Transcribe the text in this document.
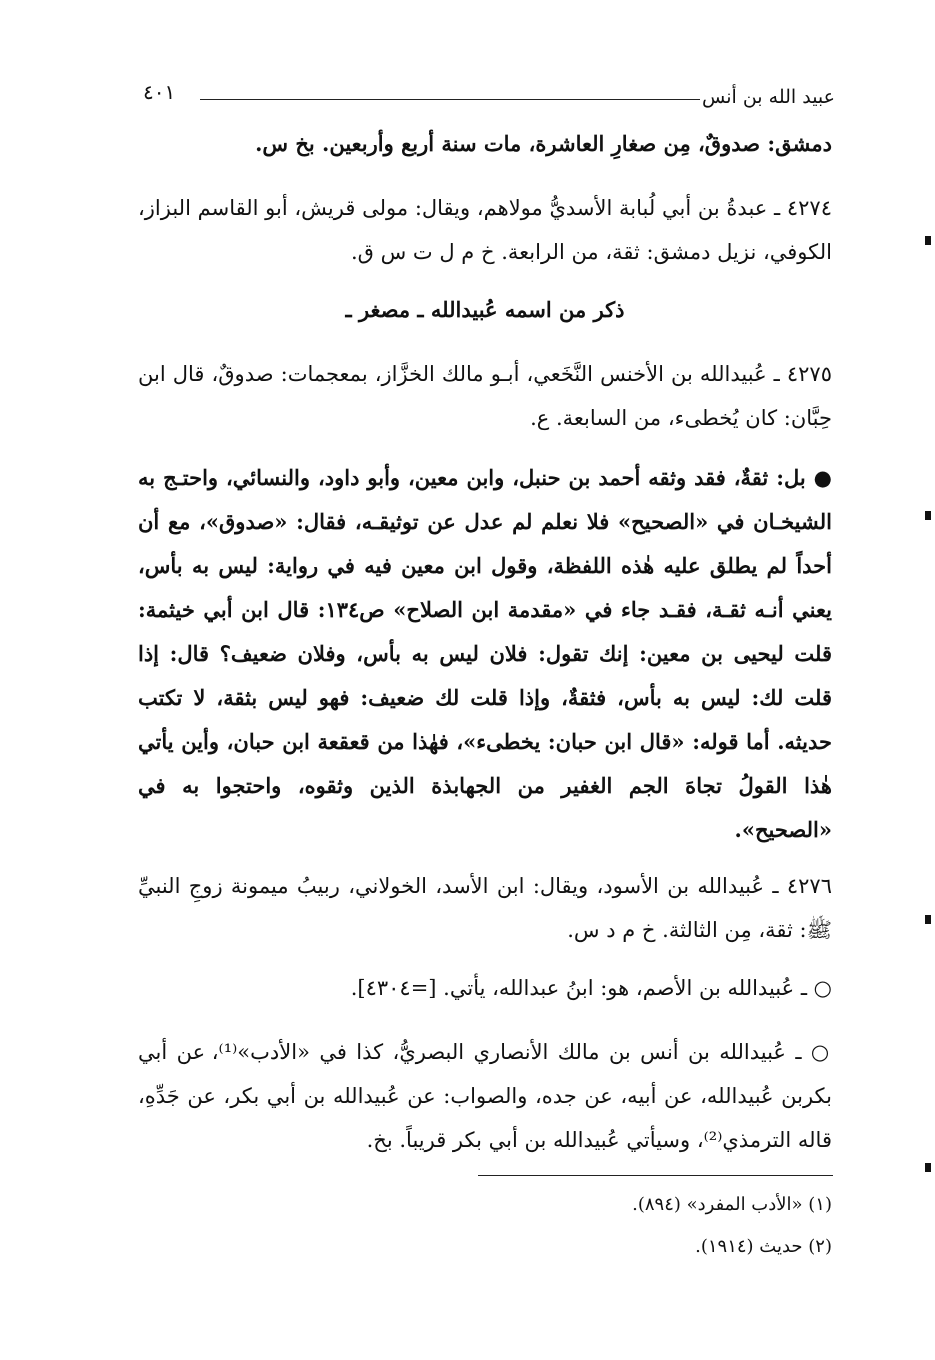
عبيد الله بن أنس
٤٠١
دمشق: صدوقٌ، مِن صغارِ العاشرة، مات سنة أربع وأربعين. بخ س.
٤٢٧٤ ـ عبدةُ بن أبي لُبابة الأسديُّ مولاهم، ويقال: مولى قريش، أبو القاسم البزاز، الكوفي، نزيل دمشق: ثقة، من الرابعة. خ م ل ت س ق.
ذكر من اسمه عُبيدالله ـ مصغر ـ
٤٢٧٥ ـ عُبيدالله بن الأخنس النَّخَعي، أبـو مالك الخزَّاز، بمعجمات: صدوقٌ، قال ابن حِبَّان: كان يُخطىء، من السابعة. ع.
● بل: ثقةٌ، فقد وثقه أحمد بن حنبل، وابن معين، وأبو داود، والنسائي، واحتـج به الشيخـان في «الصحيح» فلا نعلم لم عدل عن توثيقـه، فقال: «صدوق»، مع أن أحداً لم يطلق عليه هٰذه اللفظة، وقول ابن معين فيه في رواية: ليس به بأس، يعني أنـه ثقـة، فقـد جاء في «مقدمة ابن الصلاح» ص١٣٤: قال ابن أبي خيثمة: قلت ليحيى بن معين: إنك تقول: فلان ليس به بأس، وفلان ضعيف؟ قال: إذا قلت لك: ليس به بأس، فثقةٌ، وإذا قلت لك ضعيف: فهو ليس بثقة، لا تكتب حديثه. أما قوله: «قال ابن حبان: يخطىء»، فهٰذا من قعقعة ابن حبان، وأين يأتي هٰذا القولُ تجاهَ الجم الغفير من الجهابذة الذين وثقوه، واحتجوا به في «الصحيح».
٤٢٧٦ ـ عُبيدالله بن الأسود، ويقال: ابن الأسد، الخولاني، ربيبُ ميمونة زوجِ النبيِّ ﷺ: ثقة، مِن الثالثة. خ م د س.
○ ـ عُبيدالله بن الأصم، هو: ابنُ عبدالله، يأتي. [=٤٣٠٤].
○ ـ عُبيدالله بن أنس بن مالك الأنصاري البصريُّ، كذا في «الأدب»⁽¹⁾، عن أبي بكربن عُبيدالله، عن أبيه، عن جده، والصواب: عن عُبيدالله بن أبي بكر، عن جَدِّهِ، قاله الترمذي⁽²⁾، وسيأتي عُبيدالله بن أبي بكر قريباً. بخ.
(١) «الأدب المفرد» (٨٩٤).
(٢) حديث (١٩١٤).
